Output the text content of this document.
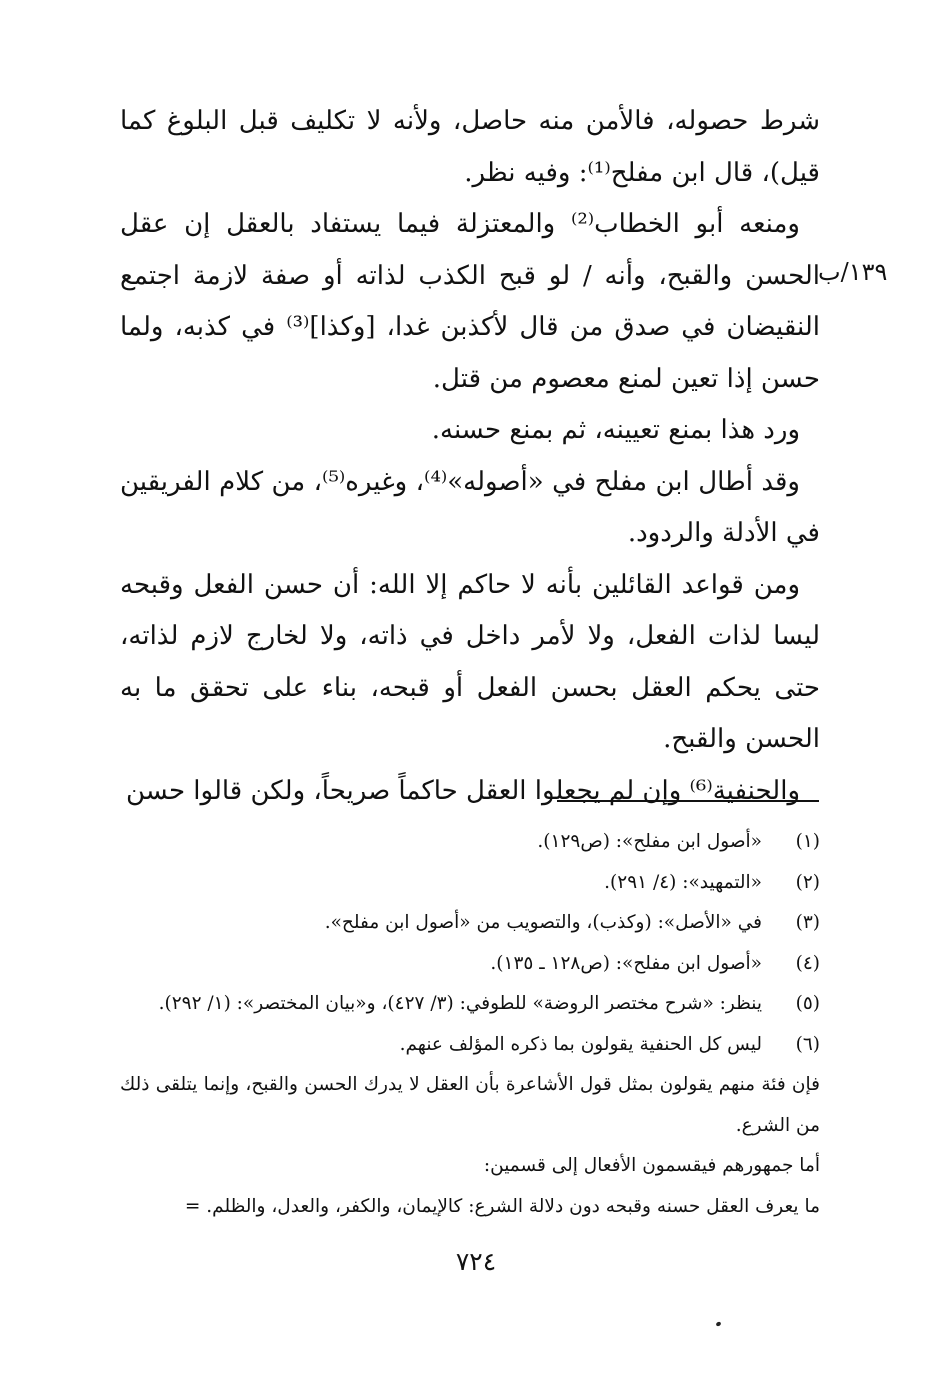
١٣٩/ب

شرط حصوله، فالأمن منه حاصل، ولأنه لا تكليف قبل البلوغ كما قيل)، قال ابن مفلح⁽¹⁾: وفيه نظر.

ومنعه أبو الخطاب⁽²⁾ والمعتزلة فيما يستفاد بالعقل إن عقل الحسن والقبح، وأنه / لو قبح الكذب لذاته أو صفة لازمة اجتمع النقيضان في صدق من قال لأكذبن غدا، [وكذا]⁽³⁾ في كذبه، ولما حسن إذا تعين لمنع معصوم من قتل.

ورد هذا بمنع تعيينه، ثم بمنع حسنه.

وقد أطال ابن مفلح في «أصوله»⁽⁴⁾، وغيره⁽⁵⁾، من كلام الفريقين في الأدلة والردود.

ومن قواعد القائلين بأنه لا حاكم إلا الله: أن حسن الفعل وقبحه ليسا لذات الفعل، ولا لأمر داخل في ذاته، ولا لخارج لازم لذاته، حتى يحكم العقل بحسن الفعل أو قبحه، بناء على تحقق ما به الحسن والقبح.

والحنفية⁽⁶⁾ وإن لم يجعلوا العقل حاكماً صريحاً، ولكن قالوا حسن

(١)
«أصول ابن مفلح»: (ص١٢٩).
(٢)
«التمهيد»: (٤/ ٢٩١).
(٣)
في «الأصل»: (وكذب)، والتصويب من «أصول ابن مفلح».
(٤)
«أصول ابن مفلح»: (ص١٢٨ ـ ١٣٥).
(٥)
ينظر: «شرح مختصر الروضة» للطوفي: (٣/ ٤٢٧)، و«بيان المختصر»: (١/ ٢٩٢).
(٦)
ليس كل الحنفية يقولون بما ذكره المؤلف عنهم.

فإن فئة منهم يقولون بمثل قول الأشاعرة بأن العقل لا يدرك الحسن والقبح، وإنما يتلقى ذلك من الشرع.

أما جمهورهم فيقسمون الأفعال إلى قسمين:

ما يعرف العقل حسنه وقبحه دون دلالة الشرع: كالإيمان، والكفر، والعدل، والظلم. =

٧٢٤
